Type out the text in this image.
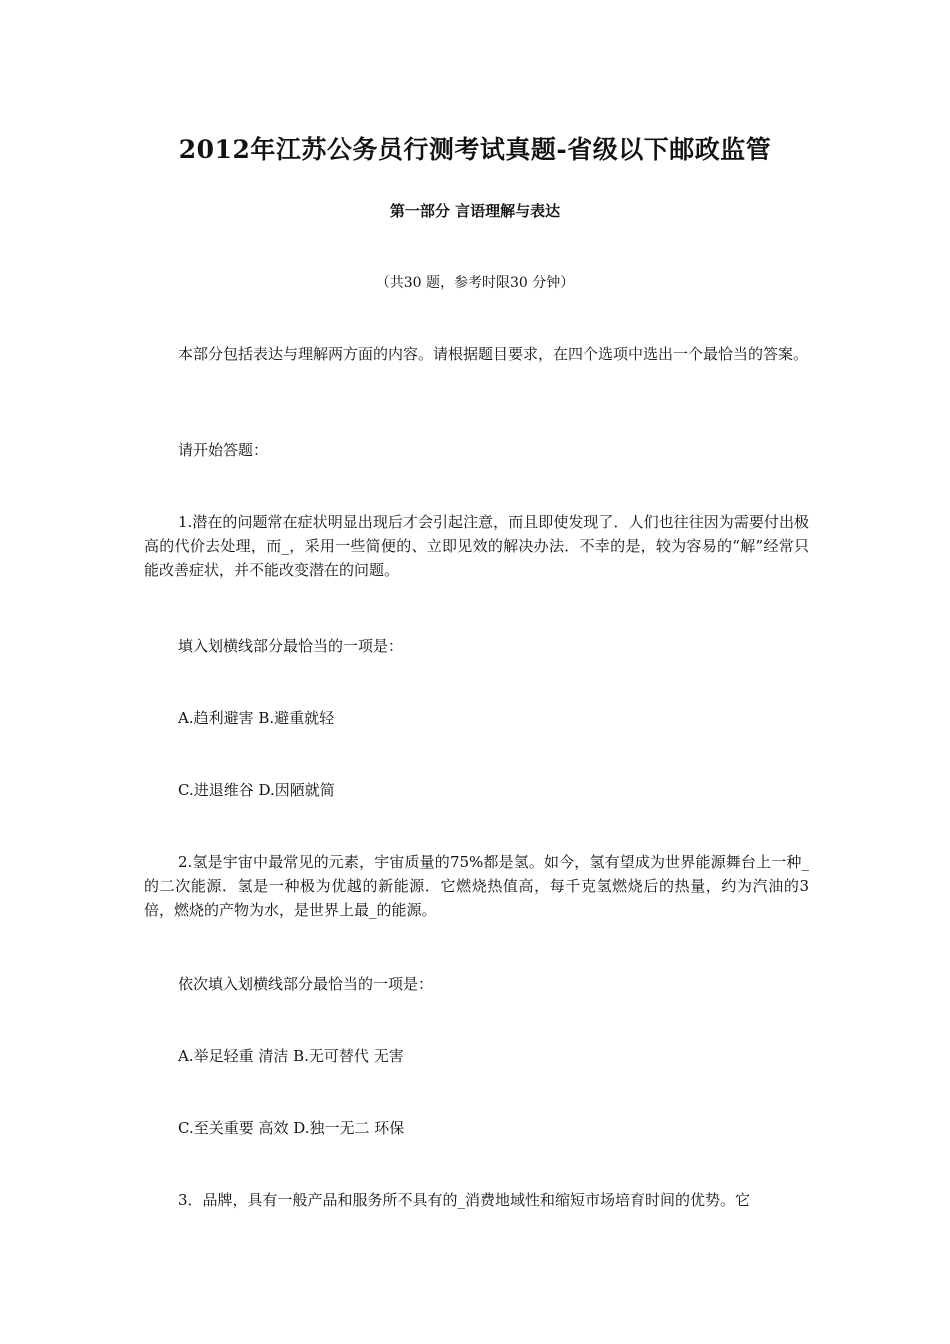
2012年江苏公务员行测考试真题-省级以下邮政监管
第一部分 言语理解与表达
（共30 题，参考时限30 分钟）

本部分包括表达与理解两方面的内容。请根据题目要求，在四个选项中选出一个最恰当的答案。

请开始答题：

1.潜在的问题常在症状明显出现后才会引起注意，而且即使发现了．人们也往往因为需要付出极高的代价去处理，而_，采用一些简便的、立即见效的解决办法．不幸的是，较为容易的“解”经常只能改善症状，并不能改变潜在的问题。

填入划横线部分最恰当的一项是：

A.趋利避害 B.避重就轻

C.进退维谷 D.因陋就简

2.氢是宇宙中最常见的元素，宇宙质量的75%都是氢。如今，氢有望成为世界能源舞台上一种_的二次能源．氢是一种极为优越的新能源．它燃烧热值高，每千克氢燃烧后的热量，约为汽油的3 倍，燃烧的产物为水，是世界上最_的能源。

依次填入划横线部分最恰当的一项是：

A.举足轻重 清洁 B.无可替代 无害

C.至关重要 高效 D.独一无二 环保

3．品牌，具有一般产品和服务所不具有的_消费地域性和缩短市场培育时间的优势。它
